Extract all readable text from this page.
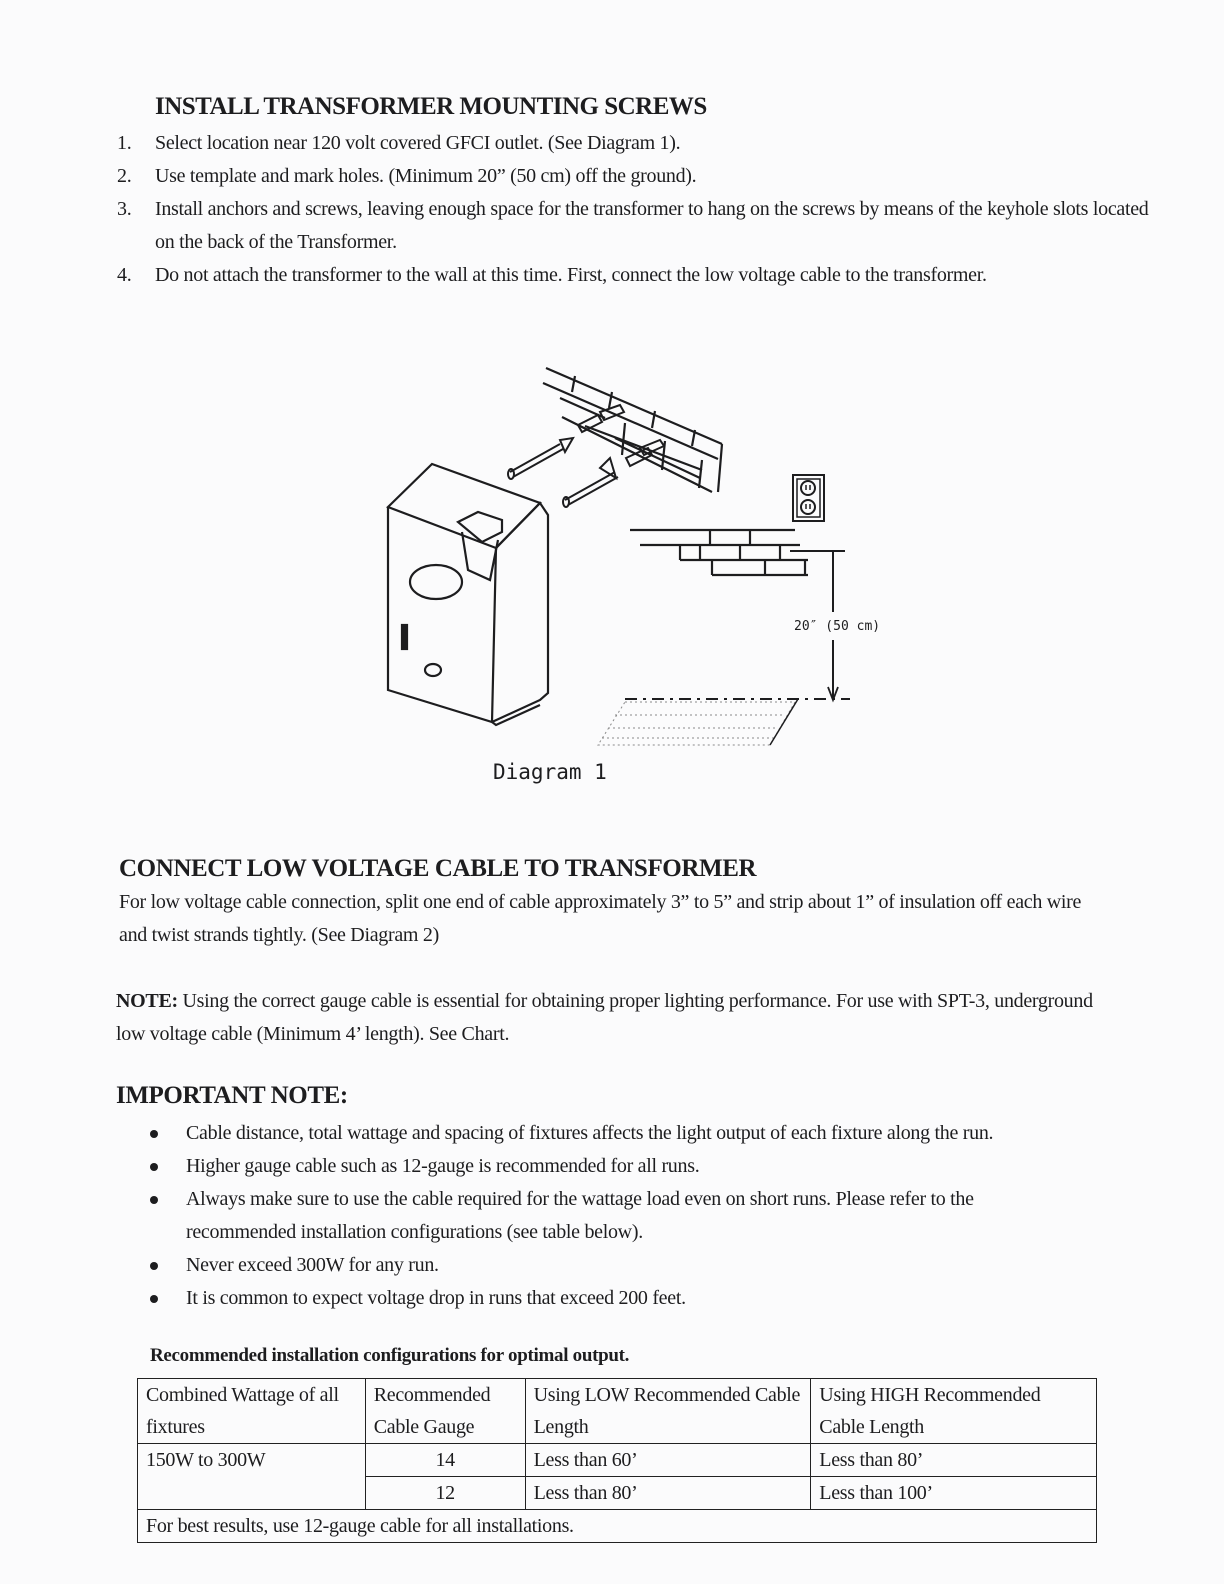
INSTALL TRANSFORMER MOUNTING SCREWS
1. Select location near 120 volt covered GFCI outlet. (See Diagram 1).
2. Use template and mark holes. (Minimum 20” (50 cm) off the ground).
3. Install anchors and screws, leaving enough space for the transformer to hang on the screws by means of the keyhole slots located on the back of the Transformer.
4. Do not attach the transformer to the wall at this time. First, connect the low voltage cable to the transformer.
20″ (50 cm)
Diagram 1
CONNECT LOW VOLTAGE CABLE TO TRANSFORMER

For low voltage cable connection, split one end of cable approximately 3” to 5” and strip about 1” of insulation off each wire and twist strands tightly. (See Diagram 2)

NOTE: Using the correct gauge cable is essential for obtaining proper lighting performance. For use with SPT-3, underground low voltage cable (Minimum 4’ length). See Chart.

IMPORTANT NOTE:
Cable distance, total wattage and spacing of fixtures affects the light output of each fixture along the run.
Higher gauge cable such as 12-gauge is recommended for all runs.
Always make sure to use the cable required for the wattage load even on short runs. Please refer to the recommended installation configurations (see table below).
Never exceed 300W for any run.
It is common to expect voltage drop in runs that exceed 200 feet.
Recommended installation configurations for optimal output.
Combined Wattage of all fixtures	Recommended Cable Gauge	Using LOW Recommended Cable Length	Using HIGH Recommended Cable Length
150W to 300W	14	Less than 60’	Less than 80’
	12	Less than 80’	Less than 100’
For best results, use 12-gauge cable for all installations.			
